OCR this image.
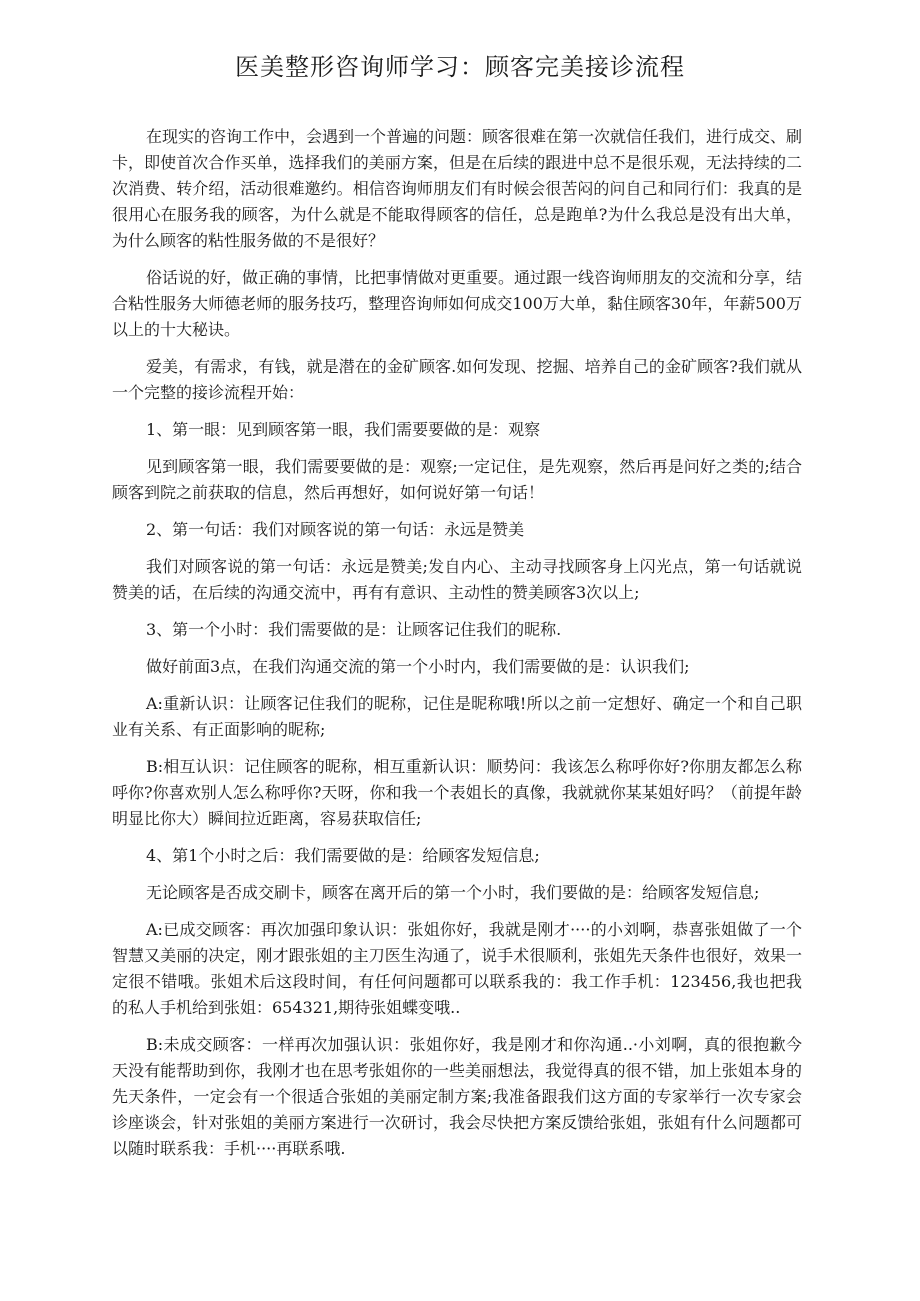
医美整形咨询师学习：顾客完美接诊流程

在现实的咨询工作中，会遇到一个普遍的问题：顾客很难在第一次就信任我们，进行成交、刷卡，即使首次合作买单，选择我们的美丽方案，但是在后续的跟进中总不是很乐观，无法持续的二次消费、转介绍，活动很难邀约。相信咨询师朋友们有时候会很苦闷的问自己和同行们：我真的是很用心在服务我的顾客，为什么就是不能取得顾客的信任，总是跑单?为什么我总是没有出大单，为什么顾客的粘性服务做的不是很好？

俗话说的好，做正确的事情，比把事情做对更重要。通过跟一线咨询师朋友的交流和分享，结合粘性服务大师德老师的服务技巧，整理咨询师如何成交100万大单，黏住顾客30年，年薪500万以上的十大秘诀。

爱美，有需求，有钱，就是潜在的金矿顾客.如何发现、挖掘、培养自己的金矿顾客?我们就从一个完整的接诊流程开始：

1、第一眼：见到顾客第一眼，我们需要要做的是：观察

见到顾客第一眼，我们需要要做的是：观察;一定记住，是先观察，然后再是问好之类的;结合顾客到院之前获取的信息，然后再想好，如何说好第一句话！

2、第一句话：我们对顾客说的第一句话：永远是赞美

我们对顾客说的第一句话：永远是赞美;发自内心、主动寻找顾客身上闪光点，第一句话就说赞美的话，在后续的沟通交流中，再有有意识、主动性的赞美顾客3次以上;

3、第一个小时：我们需要做的是：让顾客记住我们的昵称.

做好前面3点，在我们沟通交流的第一个小时内，我们需要做的是：认识我们;

A:重新认识：让顾客记住我们的昵称，记住是昵称哦!所以之前一定想好、确定一个和自己职业有关系、有正面影响的昵称;

B:相互认识：记住顾客的昵称，相互重新认识：顺势问：我该怎么称呼你好?你朋友都怎么称呼你?你喜欢别人怎么称呼你?天呀，你和我一个表姐长的真像，我就就你某某姐好吗？（前提年龄明显比你大）瞬间拉近距离，容易获取信任;

4、第1个小时之后：我们需要做的是：给顾客发短信息;

无论顾客是否成交刷卡，顾客在离开后的第一个小时，我们要做的是：给顾客发短信息;

A:已成交顾客：再次加强印象认识：张姐你好，我就是刚才····的小刘啊，恭喜张姐做了一个智慧又美丽的决定，刚才跟张姐的主刀医生沟通了，说手术很顺利，张姐先天条件也很好，效果一定很不错哦。张姐术后这段时间，有任何问题都可以联系我的：我工作手机：123456,我也把我的私人手机给到张姐：654321,期待张姐蝶变哦..

B:未成交顾客：一样再次加强认识：张姐你好，我是刚才和你沟通..·小刘啊，真的很抱歉今天没有能帮助到你，我刚才也在思考张姐你的一些美丽想法，我觉得真的很不错，加上张姐本身的先天条件，一定会有一个很适合张姐的美丽定制方案;我准备跟我们这方面的专家举行一次专家会诊座谈会，针对张姐的美丽方案进行一次研讨，我会尽快把方案反馈给张姐，张姐有什么问题都可以随时联系我：手机····再联系哦.
